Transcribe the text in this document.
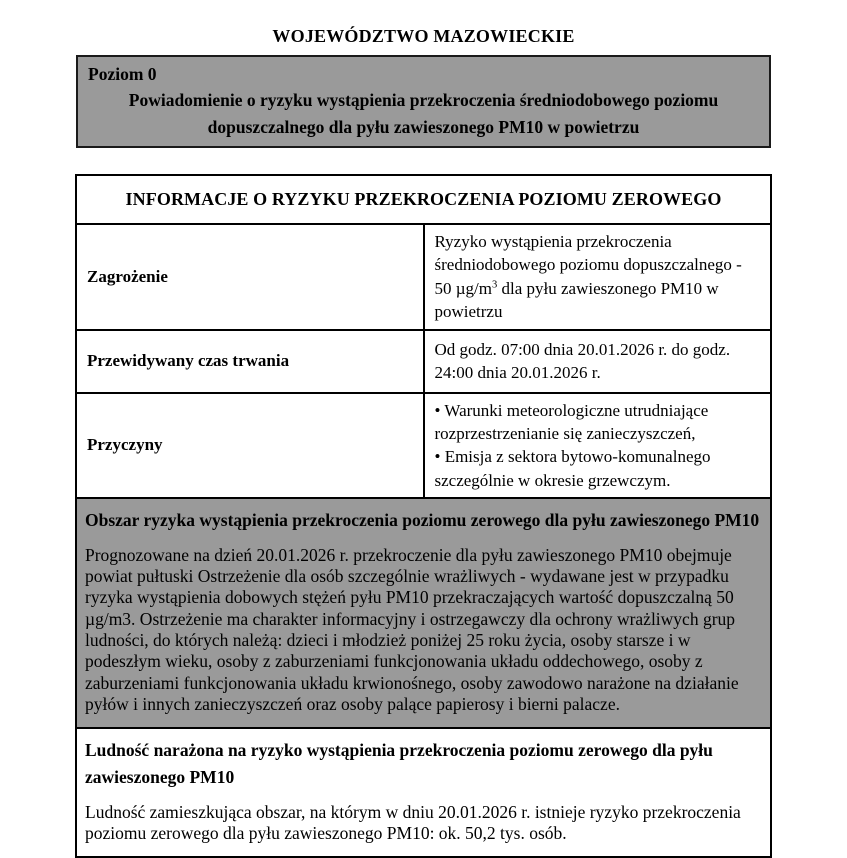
WOJEWÓDZTWO MAZOWIECKIE
Poziom 0
Powiadomienie o ryzyku wystąpienia przekroczenia średniodobowego poziomu dopuszczalnego dla pyłu zawieszonego PM10 w powietrzu
INFORMACJE O RYZYKU PRZEKROCZENIA POZIOMU ZEROWEGO	
Zagrożenie	Ryzyko wystąpienia przekroczenia średniodobowego poziomu dopuszczalnego - 50 $\mu g/m^3$ dla pyłu zawieszonego PM10 w powietrzu
Przewidywany czas trwania	Od godz. 07:00 dnia 20.01.2026 r. do godz. 24:00 dnia 20.01.2026 r.
Przyczyny	• Warunki meteorologiczne utrudniające rozprzestrzenianie się zanieczyszczeń,
• Emisja z sektora bytowo-komunalnego szczególnie w okresie grzewczym.

Obszar ryzyka wystąpienia przekroczenia poziomu zerowego dla pyłu zawieszonego PM10
Prognozowane na dzień 20.01.2026 r. przekroczenie dla pyłu zawieszonego PM10 obejmuje powiat pułtuski Ostrzeżenie dla osób szczególnie wrażliwych - wydawane jest w przypadku ryzyka wystąpienia dobowych stężeń pyłu PM10 przekraczających wartość dopuszczalną 50 µg/m3. Ostrzeżenie ma charakter informacyjny i ostrzegawczy dla ochrony wrażliwych grup ludności, do których należą: dzieci i młodzież poniżej 25 roku życia, osoby starsze i w podeszłym wieku, osoby z zaburzeniami funkcjonowania układu oddechowego, osoby z zaburzeniami funkcjonowania układu krwionośnego, osoby zawodowo narażone na działanie pyłów i innych zanieczyszczeń oraz osoby palące papierosy i bierni palacze.	

Ludność narażona na ryzyko wystąpienia przekroczenia poziomu zerowego dla pyłu zawieszonego PM10
Ludność zamieszkująca obszar, na którym w dniu 20.01.2026 r. istnieje ryzyko przekroczenia poziomu zerowego dla pyłu zawieszonego PM10: ok. 50,2 tys. osób.	
